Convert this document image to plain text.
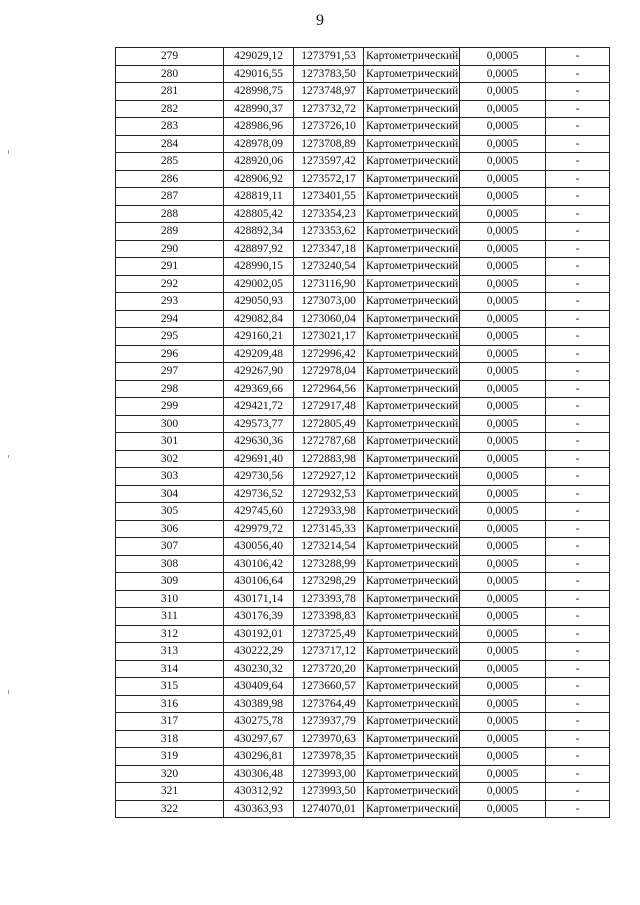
9
279	429029,12	1273791,53	Картометрический	0,0005	-
280	429016,55	1273783,50	Картометрический	0,0005	-
281	428998,75	1273748,97	Картометрический	0,0005	-
282	428990,37	1273732,72	Картометрический	0,0005	-
283	428986,96	1273726,10	Картометрический	0,0005	-
284	428978,09	1273708,89	Картометрический	0,0005	-
285	428920,06	1273597,42	Картометрический	0,0005	-
286	428906,92	1273572,17	Картометрический	0,0005	-
287	428819,11	1273401,55	Картометрический	0,0005	-
288	428805,42	1273354,23	Картометрический	0,0005	-
289	428892,34	1273353,62	Картометрический	0,0005	-
290	428897,92	1273347,18	Картометрический	0,0005	-
291	428990,15	1273240,54	Картометрический	0,0005	-
292	429002,05	1273116,90	Картометрический	0,0005	-
293	429050,93	1273073,00	Картометрический	0,0005	-
294	429082,84	1273060,04	Картометрический	0,0005	-
295	429160,21	1273021,17	Картометрический	0,0005	-
296	429209,48	1272996,42	Картометрический	0,0005	-
297	429267,90	1272978,04	Картометрический	0,0005	-
298	429369,66	1272964,56	Картометрический	0,0005	-
299	429421,72	1272917,48	Картометрический	0,0005	-
300	429573,77	1272805,49	Картометрический	0,0005	-
301	429630,36	1272787,68	Картометрический	0,0005	-
302	429691,40	1272883,98	Картометрический	0,0005	-
303	429730,56	1272927,12	Картометрический	0,0005	-
304	429736,52	1272932,53	Картометрический	0,0005	-
305	429745,60	1272933,98	Картометрический	0,0005	-
306	429979,72	1273145,33	Картометрический	0,0005	-
307	430056,40	1273214,54	Картометрический	0,0005	-
308	430106,42	1273288,99	Картометрический	0,0005	-
309	430106,64	1273298,29	Картометрический	0,0005	-
310	430171,14	1273393,78	Картометрический	0,0005	-
311	430176,39	1273398,83	Картометрический	0,0005	-
312	430192,01	1273725,49	Картометрический	0,0005	-
313	430222,29	1273717,12	Картометрический	0,0005	-
314	430230,32	1273720,20	Картометрический	0,0005	-
315	430409,64	1273660,57	Картометрический	0,0005	-
316	430389,98	1273764,49	Картометрический	0,0005	-
317	430275,78	1273937,79	Картометрический	0,0005	-
318	430297,67	1273970,63	Картометрический	0,0005	-
319	430296,81	1273978,35	Картометрический	0,0005	-
320	430306,48	1273993,00	Картометрический	0,0005	-
321	430312,92	1273993,50	Картометрический	0,0005	-
322	430363,93	1274070,01	Картометрический	0,0005	-
